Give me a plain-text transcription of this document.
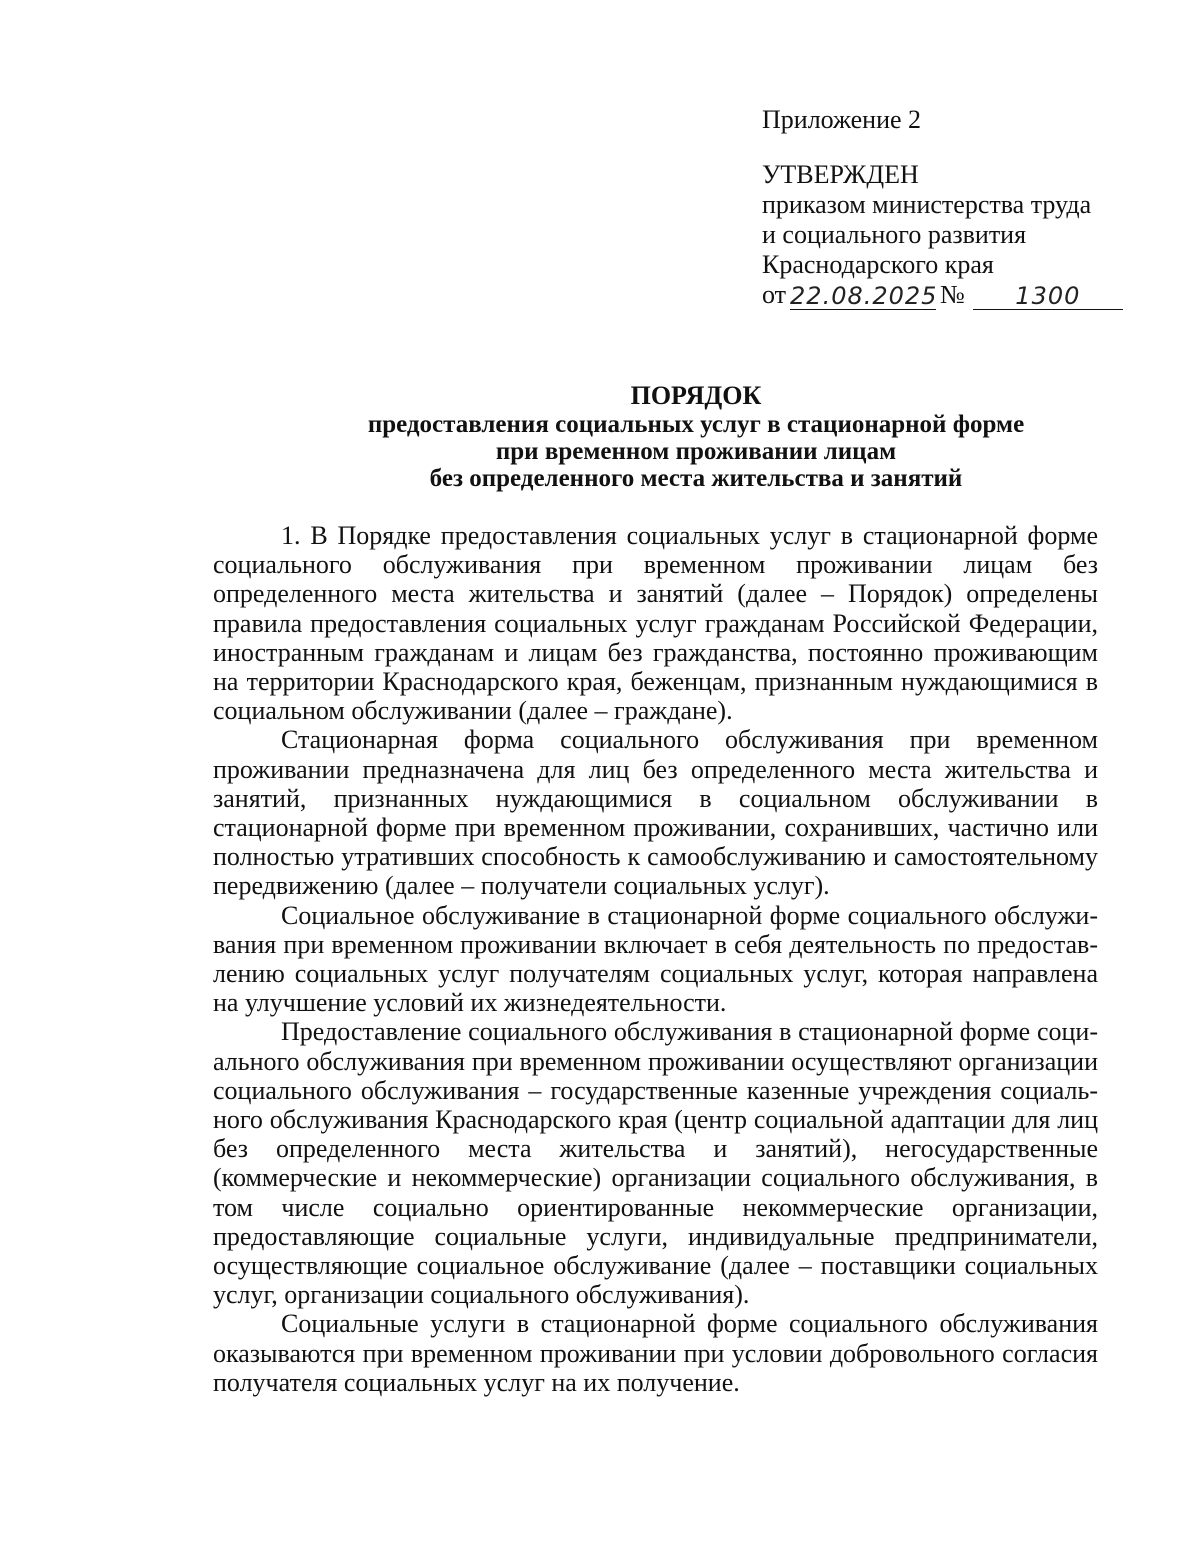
Приложение 2

УТВЕРЖДЕН

приказом министерства труда

и социального развития

Краснодарского края

от 22.08.2025 №	1300

ПОРЯДОК

предоставления социальных услуг в стационарной форме

при временном проживании лицам

без определенного места жительства и занятий

1. В Порядке предоставления социальных услуг в стационарной форме социального обслуживания при временном проживании лицам без определенного места жительства и занятий (далее – Порядок) определены правила предоставления социальных услуг гражданам Российской Федерации, иностранным гражданам и лицам без гражданства, постоянно проживающим на территории Краснодарского края, беженцам, признанным нуждающимися в социальном обслуживании (далее – граждане).

Стационарная форма социального обслуживания при временном проживании предназначена для лиц без определенного места жительства и занятий, признанных нуждающимися в социальном обслуживании в стационарной форме при временном проживании, сохранивших, частично или полностью утративших способность к самообслуживанию и самостоятельному передвижению (далее – получатели социальных услуг).

Социальное обслуживание в стационарной форме социального обслуживания при временном проживании включает в себя деятельность по предоставлению социальных услуг получателям социальных услуг, которая направлена на улучшение условий их жизнедеятельности.

Предоставление социального обслуживания в стационарной форме социального обслуживания при временном проживании осуществляют организации социального обслуживания – государственные казенные учреждения социального обслуживания Краснодарского края (центр социальной адаптации для лиц без определенного места жительства и занятий), негосударственные (коммерческие и некоммерческие) организации социального обслуживания, в том числе социально ориентированные некоммерческие организации, предоставляющие социальные услуги, индивидуальные предприниматели, осуществляющие социальное обслуживание (далее – поставщики социальных услуг, организации социального обслуживания).

Социальные услуги в стационарной форме социального обслуживания оказываются при временном проживании при условии добровольного согласия получателя социальных услуг на их получение.
